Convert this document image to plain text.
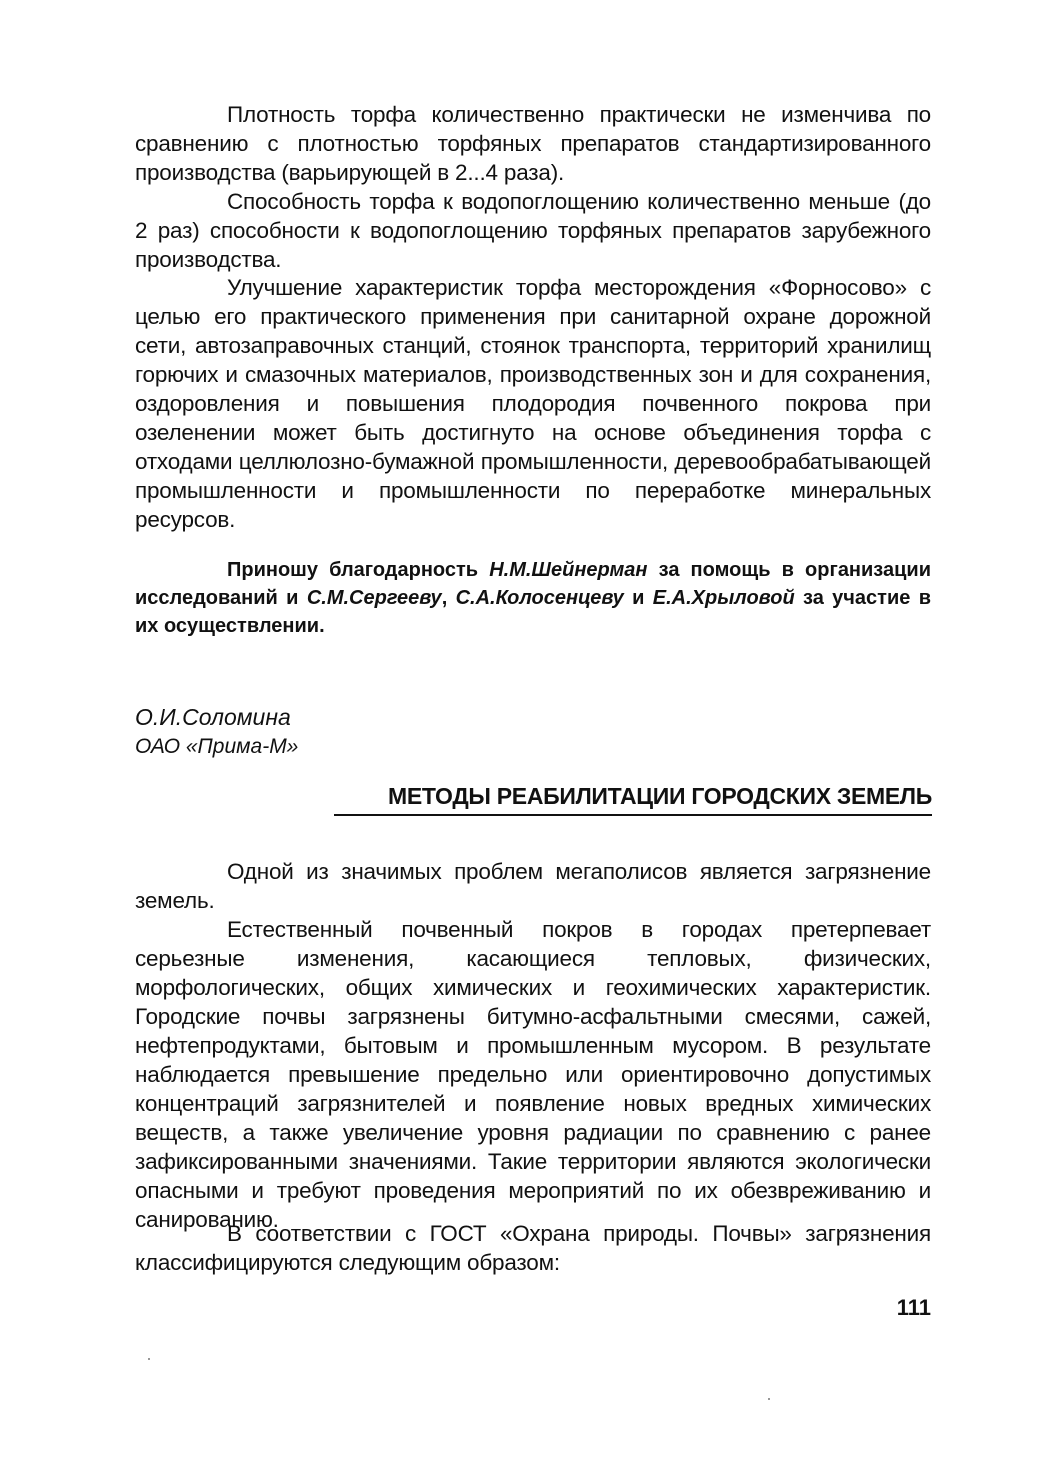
Плотность торфа количественно практически не изменчива по сравнению с плотностью торфяных препаратов стандартизированного производства (варьирующей в 2...4 раза).

Способность торфа к водопоглощению количественно меньше (до 2 раз) способности к водопоглощению торфяных препаратов зарубежного производства.

Улучшение характеристик торфа месторождения «Форносово» с целью его практического применения при санитарной охране дорожной сети, автозаправочных станций, стоянок транспорта, территорий хранилищ горючих и смазочных материалов, производственных зон и для сохранения, оздоровления и повышения плодородия почвенного покрова при озеленении может быть достигнуто на основе объединения торфа с отходами целлюлозно-бумажной промышленности, деревообрабатывающей промышленности и промышленности по переработке минеральных ресурсов.

Приношу благодарность Н.М.Шейнерман за помощь в организации исследований и С.М.Сергееву, С.А.Колосенцеву и Е.А.Хрыловой за участие в их осуществлении.

О.И.Соломина
ОАО «Прима-М»
МЕТОДЫ РЕАБИЛИТАЦИИ ГОРОДСКИХ ЗЕМЕЛЬ

Одной из значимых проблем мегаполисов является загрязнение земель.

Естественный почвенный покров в городах претерпевает серьезные изменения, касающиеся тепловых, физических, морфологических, общих химических и геохимических характеристик. Городские почвы загрязнены битумно-асфальтными смесями, сажей, нефтепродуктами, бытовым и промышленным мусором. В результате наблюдается превышение предельно или ориентировочно допустимых концентраций загрязнителей и появление новых вредных химических веществ, а также увеличение уровня радиации по сравнению с ранее зафиксированными значениями. Такие территории являются экологически опасными и требуют проведения мероприятий по их обезвреживанию и санированию.

В соответствии с ГОСТ «Охрана природы. Почвы» загрязнения классифицируются следующим образом:

111
